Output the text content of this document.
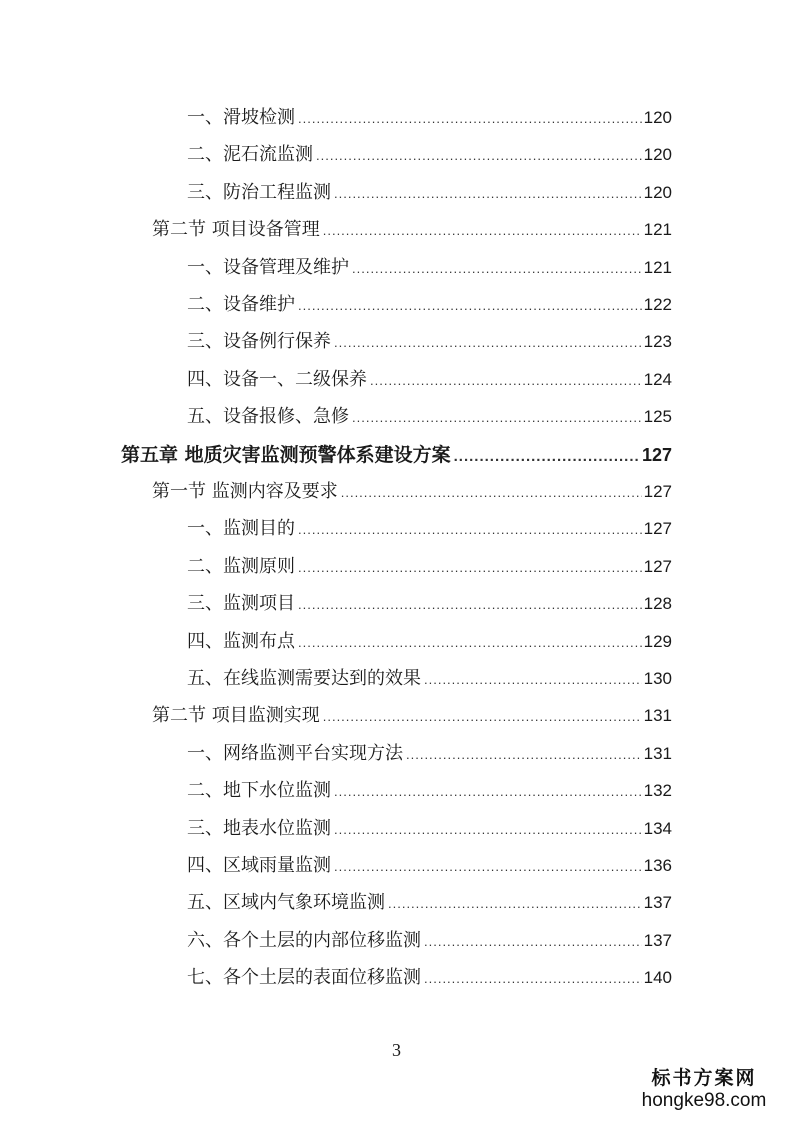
一、滑坡检测 .....	120
二、泥石流监测 .....	120
三、防治工程监测 .....	120
第二节 项目设备管理 .....	121
一、设备管理及维护 .....	121
二、设备维护 .....	122
三、设备例行保养 .....	123
四、设备一、二级保养 .....	124
五、设备报修、急修 .....	125
第五章 地质灾害监测预警体系建设方案 .....	127
第一节 监测内容及要求 .....	127
一、监测目的 .....	127
二、监测原则 .....	127
三、监测项目 .....	128
四、监测布点 .....	129
五、在线监测需要达到的效果 .....	130
第二节 项目监测实现 .....	131
一、网络监测平台实现方法 .....	131
二、地下水位监测 .....	132
三、地表水位监测 .....	134
四、区域雨量监测 .....	136
五、区域内气象环境监测 .....	137
六、各个土层的内部位移监测 .....	137
七、各个土层的表面位移监测 .....	140
3
标书方案网
hongke98.com
